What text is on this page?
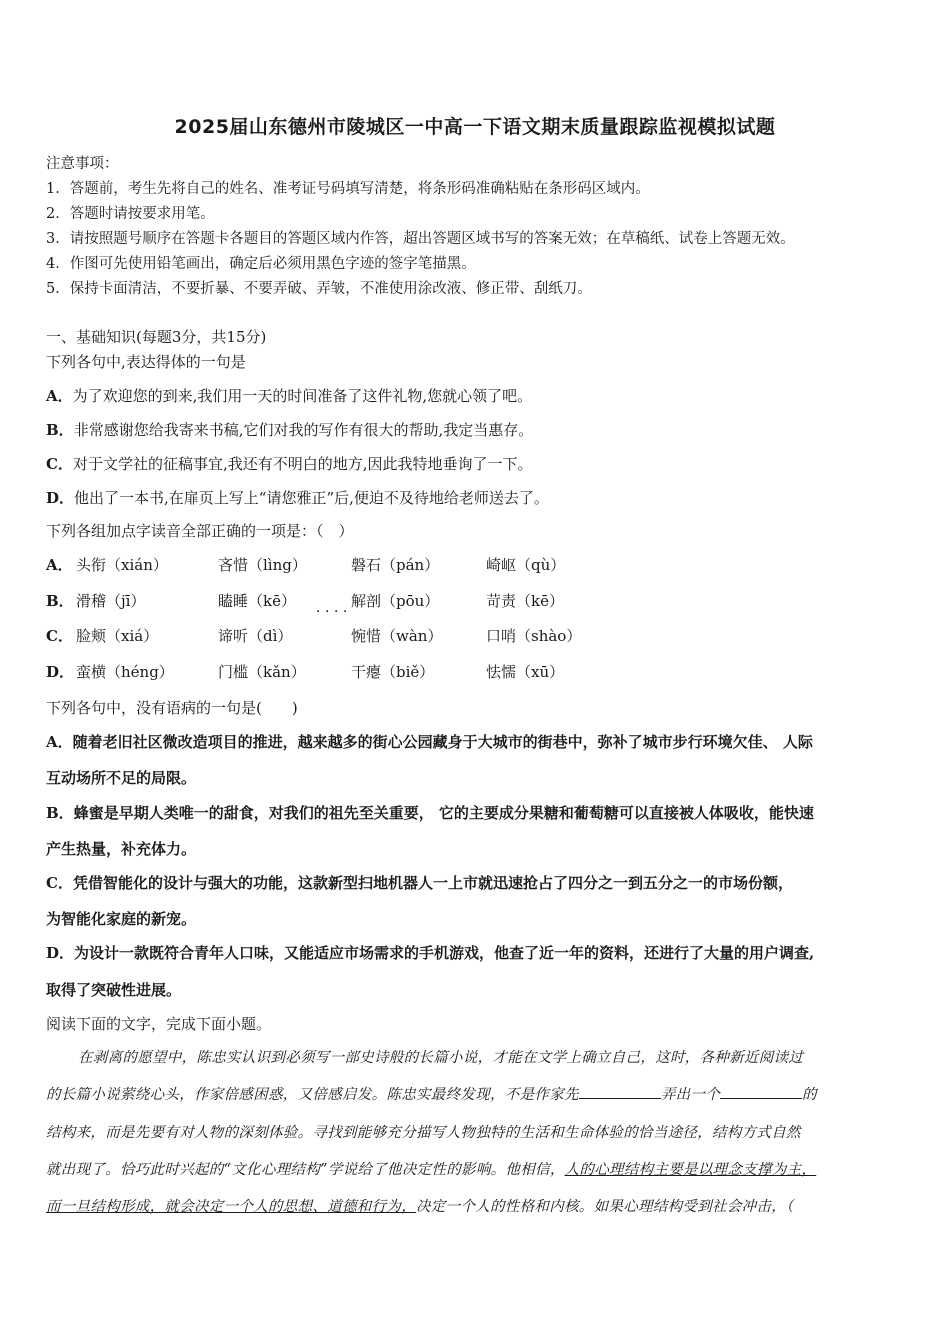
2025届山东德州市陵城区一中高一下语文期末质量跟踪监视模拟试题
注意事项：
1．答题前，考生先将自己的姓名、准考证号码填写清楚，将条形码准确粘贴在条形码区域内。
2．答题时请按要求用笔。
3．请按照题号顺序在答题卡各题目的答题区域内作答，超出答题区域书写的答案无效；在草稿纸、试卷上答题无效。
4．作图可先使用铅笔画出，确定后必须用黑色字迹的签字笔描黑。
5．保持卡面清洁，不要折暴、不要弄破、弄皱，不准使用涂改液、修正带、刮纸刀。
一、基础知识(每题3分，共15分)
下列各句中,表达得体的一句是
A．为了欢迎您的到来,我们用一天的时间准备了这件礼物,您就心领了吧。
B．非常感谢您给我寄来书稿,它们对我的写作有很大的帮助,我定当惠存。
C．对于文学社的征稿事宜,我还有不明白的地方,因此我特地垂询了一下。
D．他出了一本书,在扉页上写上“请您雅正”后,便迫不及待地给老师送去了。
下列各组加点字读音全部正确的一项是：（　）
A． 头衔（xián）	吝惜（lìng）	磐石（pán）	崎岖（qù）
B． 滑稽（jī）	瞌睡（kē）	解剖（pōu）	苛责（kē）
．．．．
C． 脸颊（xiá）	谛听（dì）	惋惜（wàn）	口哨（shào）
D． 蛮横（héng）	门槛（kǎn）	干瘪（biě）	怯懦（xū）
下列各句中，没有语病的一句是(　　)
A．随着老旧社区微改造项目的推进，越来越多的街心公园藏身于大城市的街巷中，弥补了城市步行环境欠佳、 人际
互动场所不足的局限。
B．蜂蜜是早期人类唯一的甜食，对我们的祖先至关重要， 它的主要成分果糖和葡萄糖可以直接被人体吸收，能快速
产生热量，补充体力。
C．凭借智能化的设计与强大的功能，这款新型扫地机器人一上市就迅速抢占了四分之一到五分之一的市场份额，
为智能化家庭的新宠。
D．为设计一款既符合青年人口味，又能适应市场需求的手机游戏，他查了近一年的资料，还进行了大量的用户调查,
取得了突破性进展。
阅读下面的文字，完成下面小题。
在剥离的愿望中，陈忠实认识到必须写一部史诗般的长篇小说，才能在文学上确立自己，这时，各种新近阅读过
的长篇小说萦绕心头，作家倍感困惑，又倍感启发。陈忠实最终发现，不是作家先	弄出一个	的
结构来，而是先要有对人物的深刻体验。寻找到能够充分描写人物独特的生活和生命体验的恰当途径，结构方式自然
就出现了。恰巧此时兴起的“文化心理结构”学说给了他决定性的影响。他相信，人的心理结构主要是以理念支撑为主，
而一旦结构形成，就会决定一个人的思想、道德和行为，决定一个人的性格和内核。如果心理结构受到社会冲击，（
